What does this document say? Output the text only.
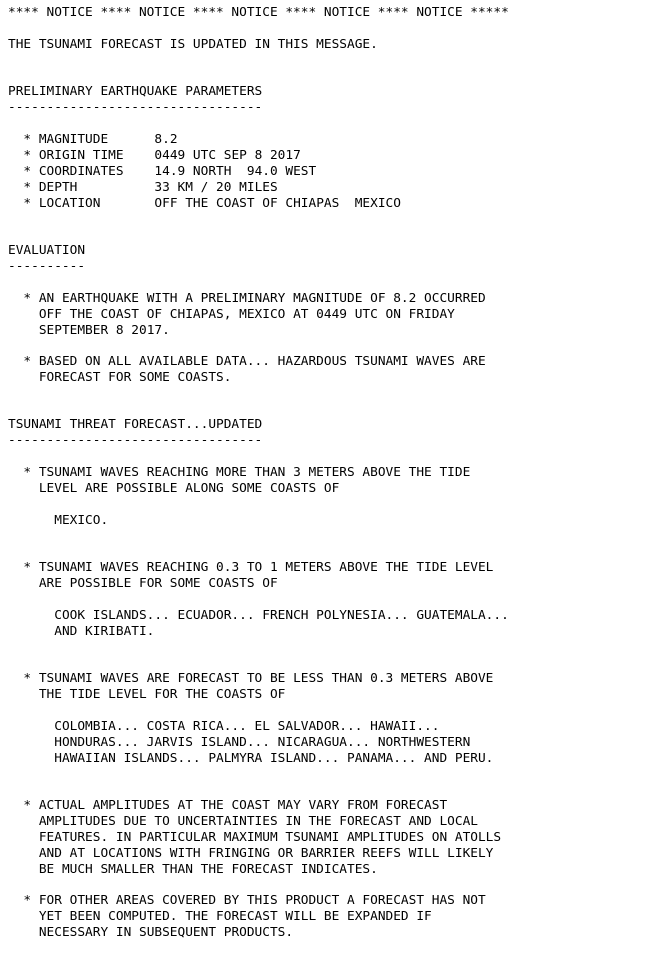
**** NOTICE **** NOTICE **** NOTICE **** NOTICE **** NOTICE *****

THE TSUNAMI FORECAST IS UPDATED IN THIS MESSAGE.

PRELIMINARY EARTHQUAKE PARAMETERS

---------------------------------

* MAGNITUDE	8.2

* ORIGIN TIME 0449 UTC SEP 8 2017

* COORDINATES 14.9 NORTH  94.0 WEST

* DEPTH	33 KM / 20 MILES

* LOCATION	OFF THE COAST OF CHIAPAS  MEXICO

EVALUATION

----------

* AN EARTHQUAKE WITH A PRELIMINARY MAGNITUDE OF 8.2 OCCURRED

OFF THE COAST OF CHIAPAS, MEXICO AT 0449 UTC ON FRIDAY

SEPTEMBER 8 2017.

* BASED ON ALL AVAILABLE DATA... HAZARDOUS TSUNAMI WAVES ARE

FORECAST FOR SOME COASTS.

TSUNAMI THREAT FORECAST...UPDATED

---------------------------------

* TSUNAMI WAVES REACHING MORE THAN 3 METERS ABOVE THE TIDE

LEVEL ARE POSSIBLE ALONG SOME COASTS OF

MEXICO.

* TSUNAMI WAVES REACHING 0.3 TO 1 METERS ABOVE THE TIDE LEVEL

ARE POSSIBLE FOR SOME COASTS OF

COOK ISLANDS... ECUADOR... FRENCH POLYNESIA... GUATEMALA...

AND KIRIBATI.

* TSUNAMI WAVES ARE FORECAST TO BE LESS THAN 0.3 METERS ABOVE

THE TIDE LEVEL FOR THE COASTS OF

COLOMBIA... COSTA RICA... EL SALVADOR... HAWAII...

HONDURAS... JARVIS ISLAND... NICARAGUA... NORTHWESTERN

HAWAIIAN ISLANDS... PALMYRA ISLAND... PANAMA... AND PERU.

* ACTUAL AMPLITUDES AT THE COAST MAY VARY FROM FORECAST

AMPLITUDES DUE TO UNCERTAINTIES IN THE FORECAST AND LOCAL

FEATURES. IN PARTICULAR MAXIMUM TSUNAMI AMPLITUDES ON ATOLLS

AND AT LOCATIONS WITH FRINGING OR BARRIER REEFS WILL LIKELY

BE MUCH SMALLER THAN THE FORECAST INDICATES.

* FOR OTHER AREAS COVERED BY THIS PRODUCT A FORECAST HAS NOT

YET BEEN COMPUTED. THE FORECAST WILL BE EXPANDED IF

NECESSARY IN SUBSEQUENT PRODUCTS.
